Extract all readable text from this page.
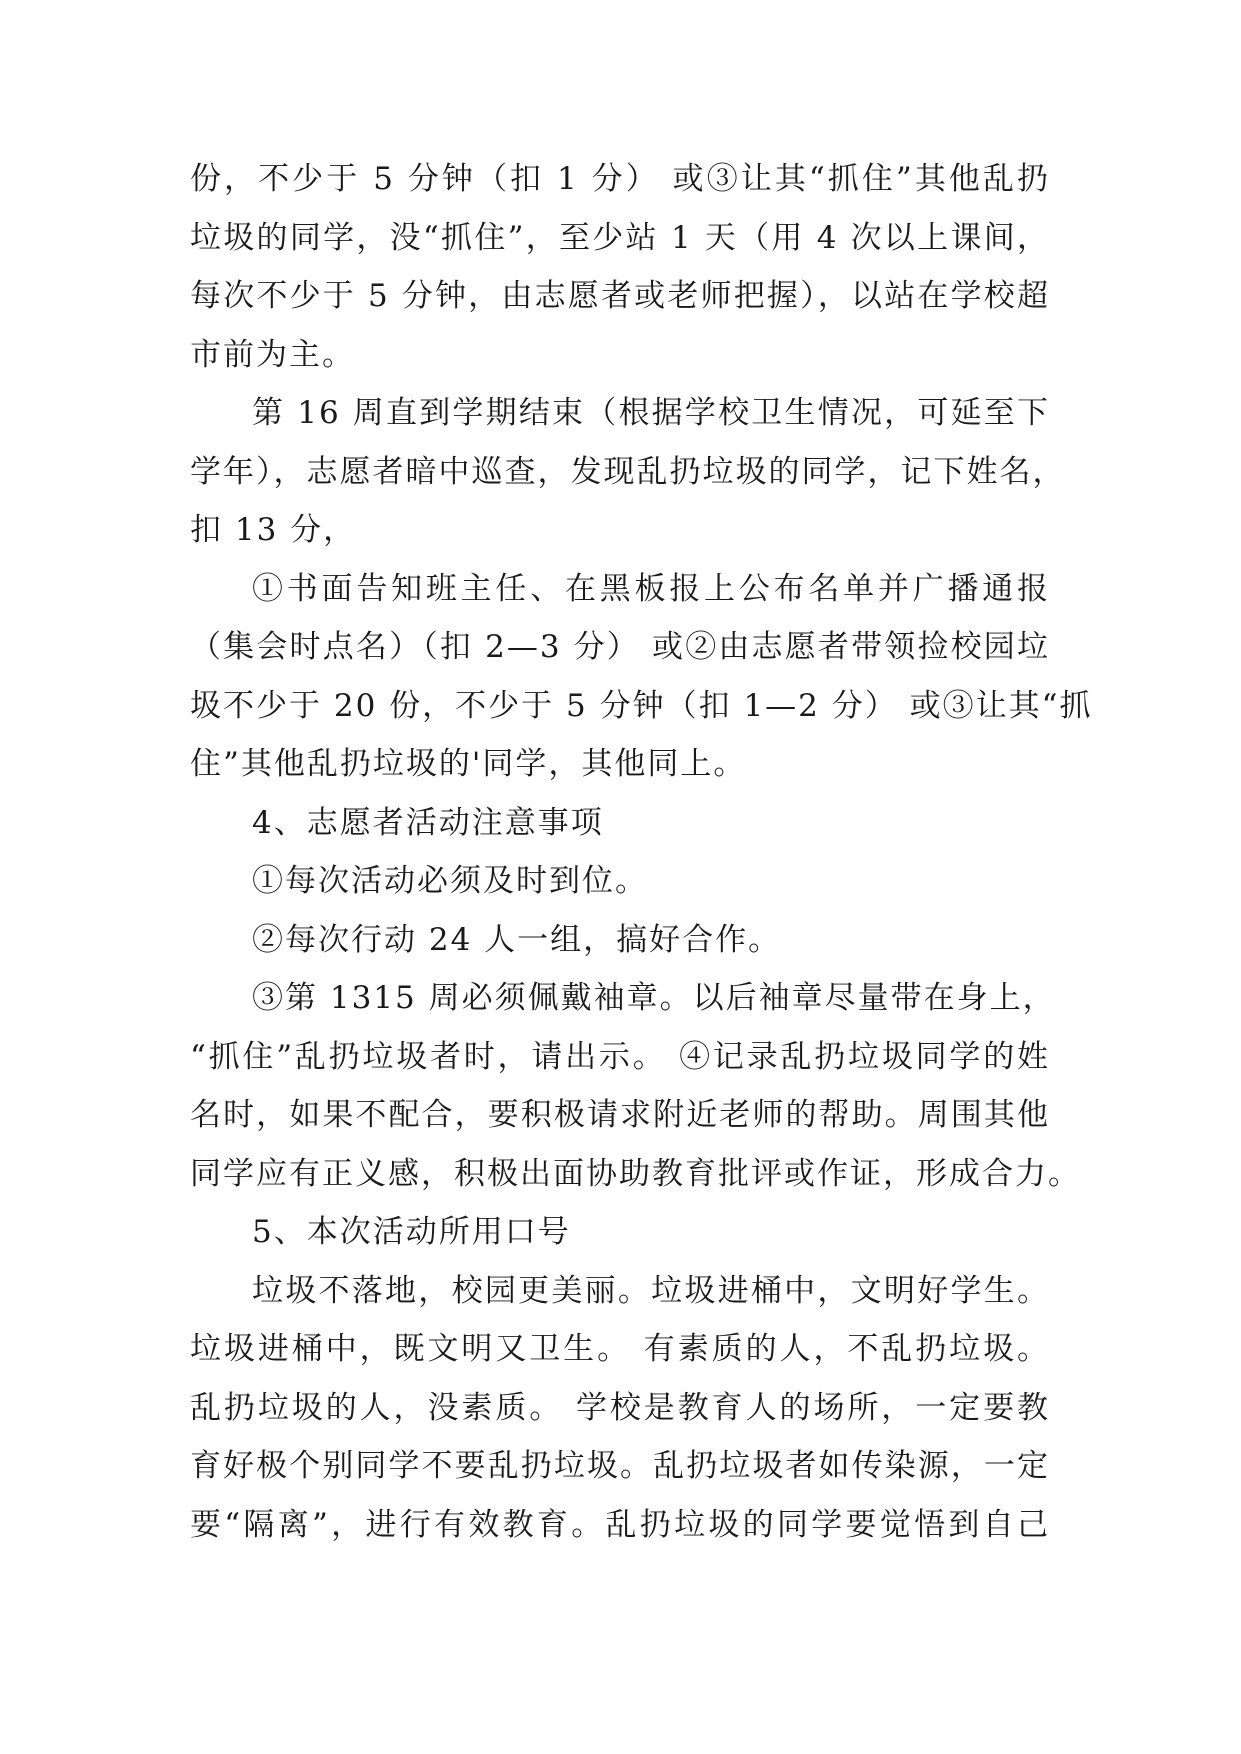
份，不少于 5 分钟（扣 1 分） 或③让其“抓住”其他乱扔
垃圾的同学，没“抓住”，至少站 1 天（用 4 次以上课间，
每次不少于 5 分钟，由志愿者或老师把握），以站在学校超
市前为主。
第 16 周直到学期结束（根据学校卫生情况，可延至下
学年），志愿者暗中巡查，发现乱扔垃圾的同学，记下姓名，
扣 13 分，
①书面告知班主任、在黑板报上公布名单并广播通报
（集会时点名）（扣 2—3 分） 或②由志愿者带领捡校园垃
圾不少于 20 份，不少于 5 分钟（扣 1—2 分） 或③让其“抓
住”其他乱扔垃圾的'同学，其他同上。
4、志愿者活动注意事项
①每次活动必须及时到位。
②每次行动 24 人一组，搞好合作。
③第 1315 周必须佩戴袖章。以后袖章尽量带在身上，
“抓住”乱扔垃圾者时，请出示。 ④记录乱扔垃圾同学的姓
名时，如果不配合，要积极请求附近老师的帮助。周围其他
同学应有正义感，积极出面协助教育批评或作证，形成合力。
5、本次活动所用口号
垃圾不落地，校园更美丽。垃圾进桶中，文明好学生。
垃圾进桶中，既文明又卫生。 有素质的人，不乱扔垃圾。
乱扔垃圾的人，没素质。 学校是教育人的场所，一定要教
育好极个别同学不要乱扔垃圾。乱扔垃圾者如传染源，一定
要“隔离”，进行有效教育。乱扔垃圾的同学要觉悟到自己
